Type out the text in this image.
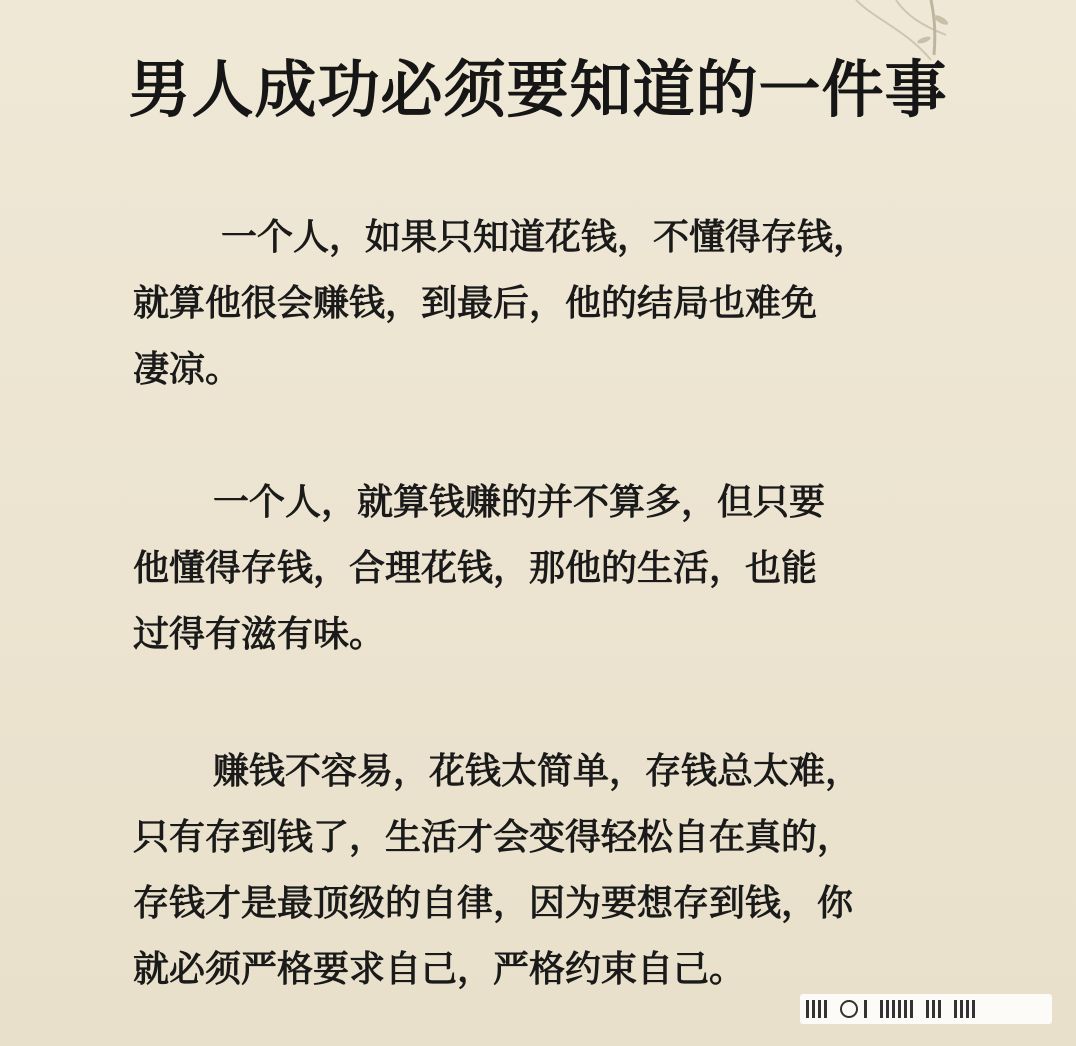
男人成功必须要知道的一件事
一个人，如果只知道花钱，不懂得存钱，
就算他很会赚钱，到最后，他的结局也难免
凄凉。
一个人，就算钱赚的并不算多，但只要
他懂得存钱，合理花钱，那他的生活，也能
过得有滋有味。
赚钱不容易，花钱太简单，存钱总太难，
只有存到钱了，生活才会变得轻松自在真的，
存钱才是最顶级的自律，因为要想存到钱，你
就必须严格要求自己，严格约束自己。
